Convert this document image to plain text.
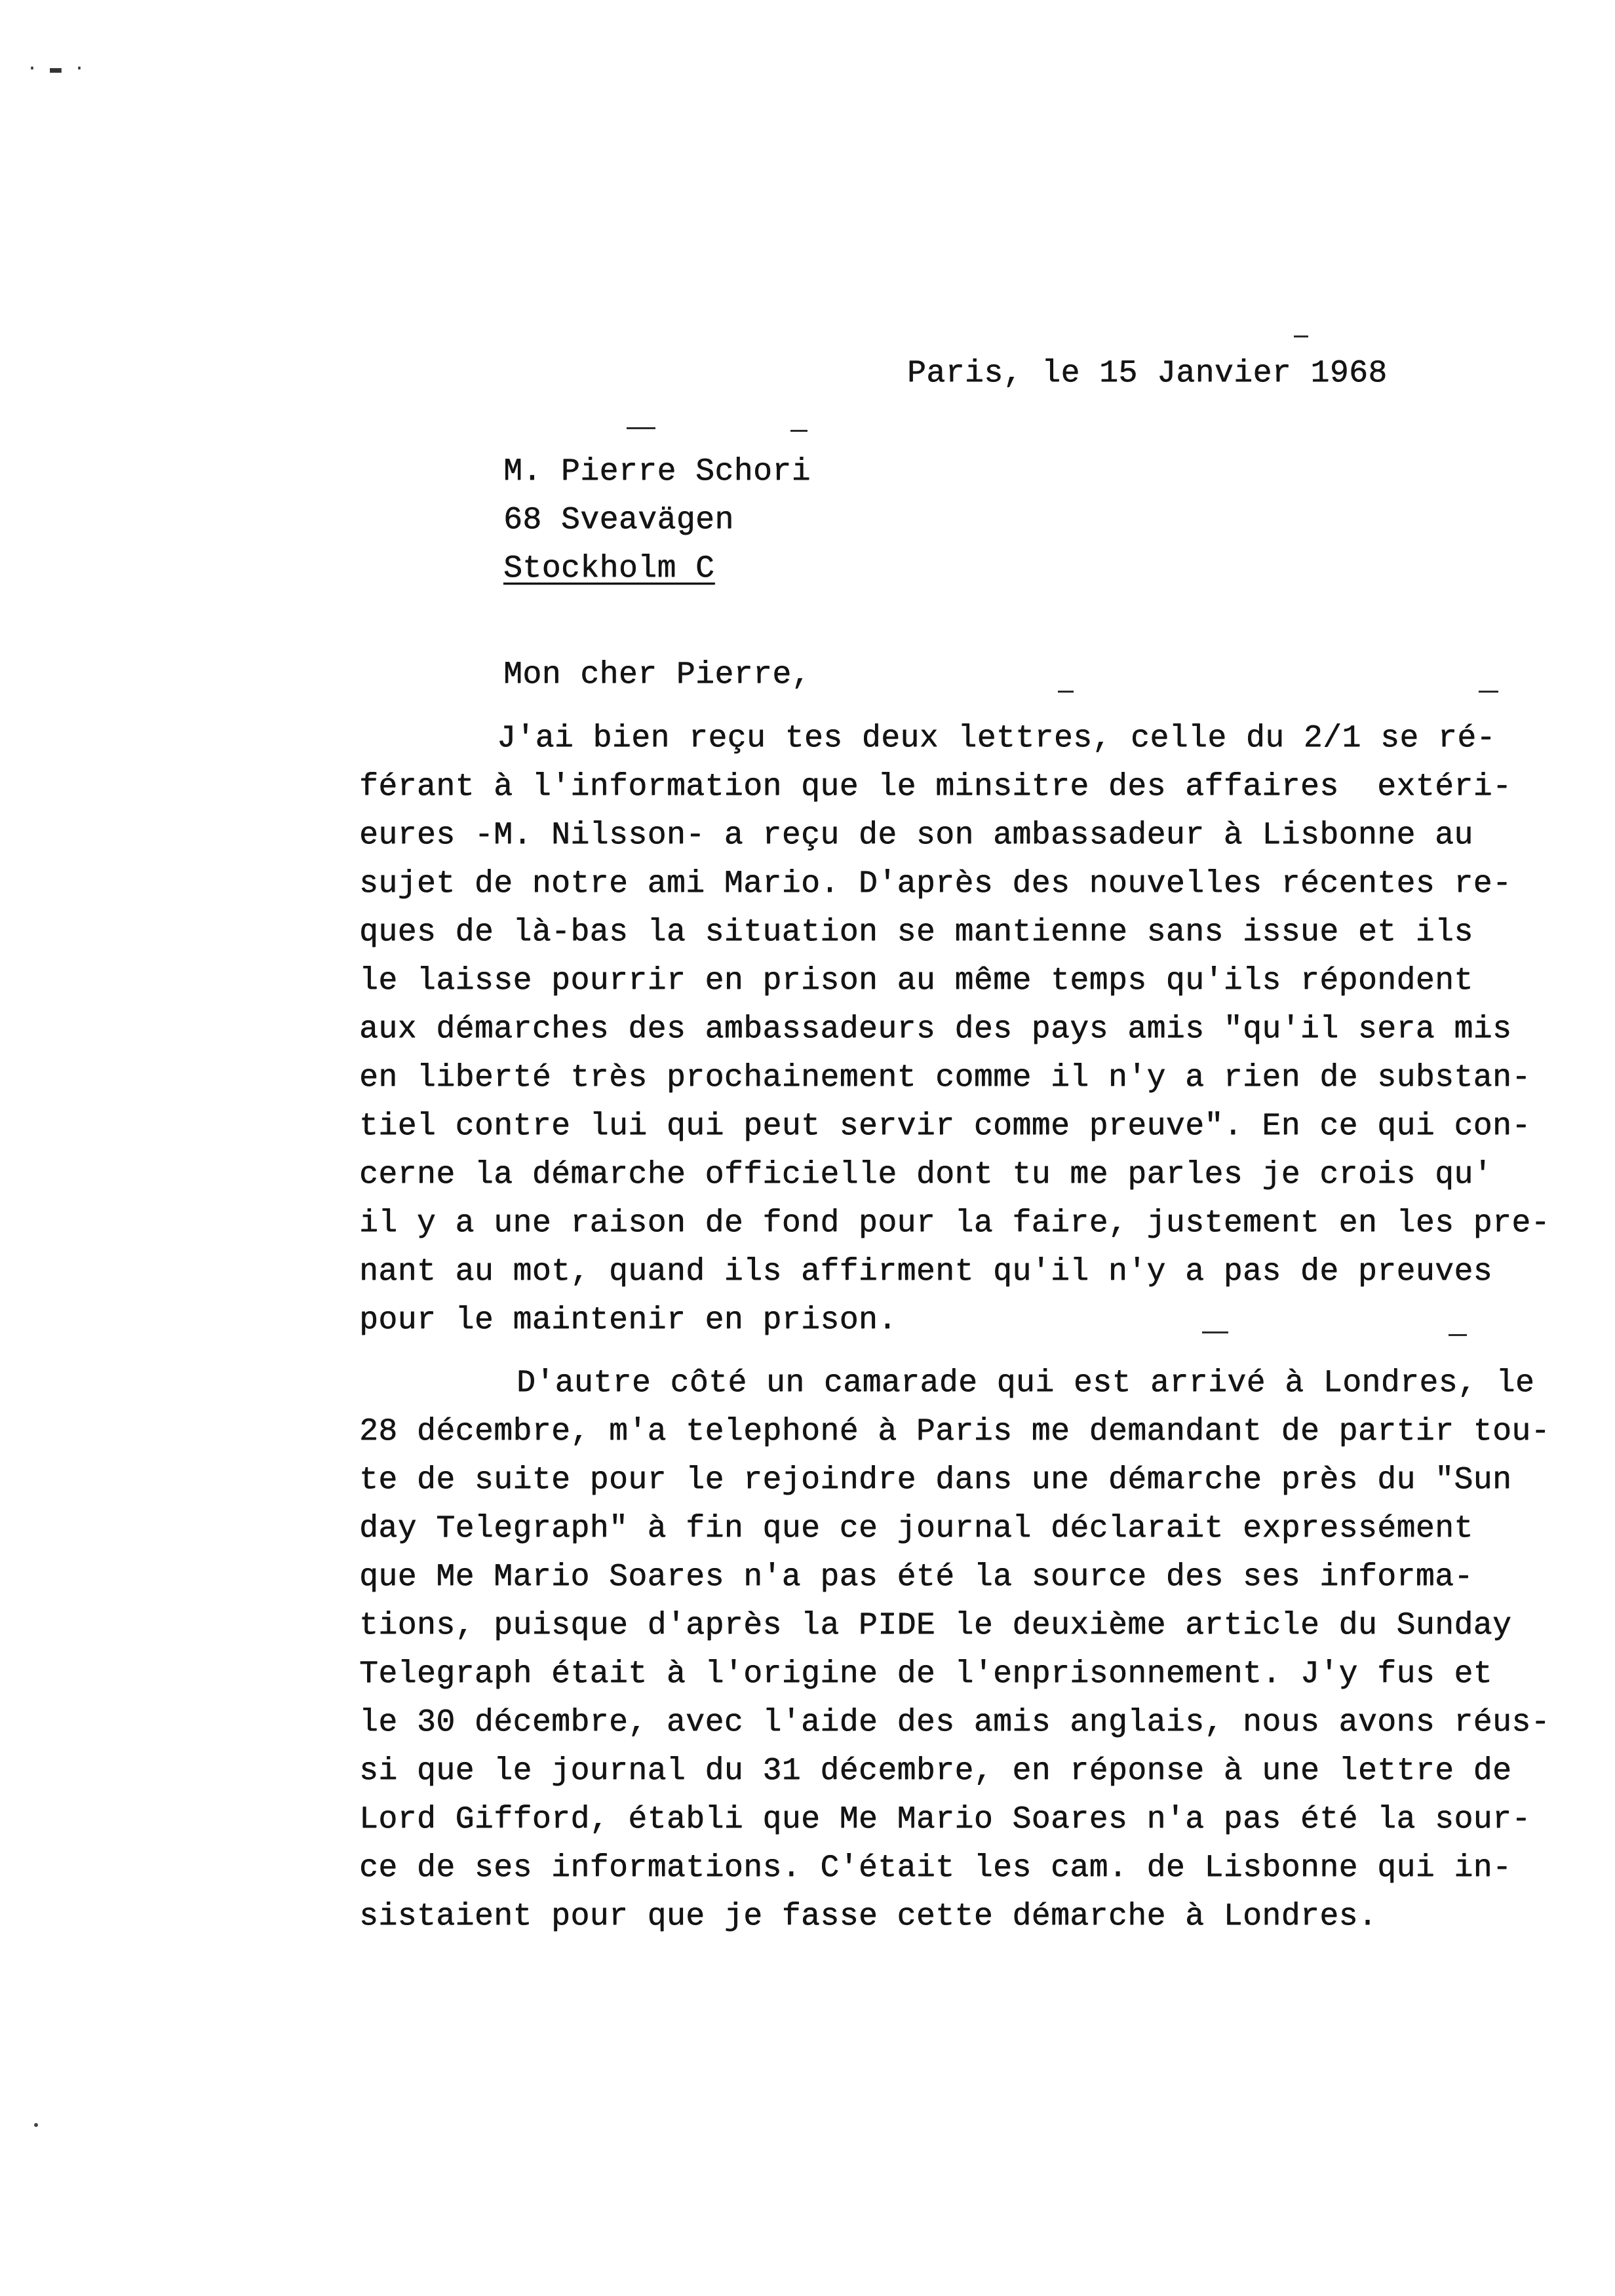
· ▬ ·
Paris, le 15 Janvier 1968
M. Pierre Schori
68 Sveavägen
Stockholm C
Mon cher Pierre,
J'ai bien reçu tes deux lettres, celle du 2/1 se ré-
férant à l'information que le minsitre des affaires  extéri-
eures -M. Nilsson- a reçu de son ambassadeur à Lisbonne au
sujet de notre ami Mario. D'après des nouvelles récentes re-
ques de là-bas la situation se mantienne sans issue et ils
le laisse pourrir en prison au même temps qu'ils répondent
aux démarches des ambassadeurs des pays amis "qu'il sera mis
en liberté très prochainement comme il n'y a rien de substan-
tiel contre lui qui peut servir comme preuve". En ce qui con-
cerne la démarche officielle dont tu me parles je crois qu'
il y a une raison de fond pour la faire, justement en les pre-
nant au mot, quand ils affirment qu'il n'y a pas de preuves
pour le maintenir en prison.
D'autre côté un camarade qui est arrivé à Londres, le
28 décembre, m'a telephoné à Paris me demandant de partir tou-
te de suite pour le rejoindre dans une démarche près du "Sun
day Telegraph" à fin que ce journal déclarait expressément
que Me Mario Soares n'a pas été la source des ses informa-
tions, puisque d'après la PIDE le deuxième article du Sunday
Telegraph était à l'origine de l'enprisonnement. J'y fus et
le 30 décembre, avec l'aide des amis anglais, nous avons réus-
si que le journal du 31 décembre, en réponse à une lettre de
Lord Gifford, établi que Me Mario Soares n'a pas été la sour-
ce de ses informations. C'était les cam. de Lisbonne qui in-
sistaient pour que je fasse cette démarche à Londres.
